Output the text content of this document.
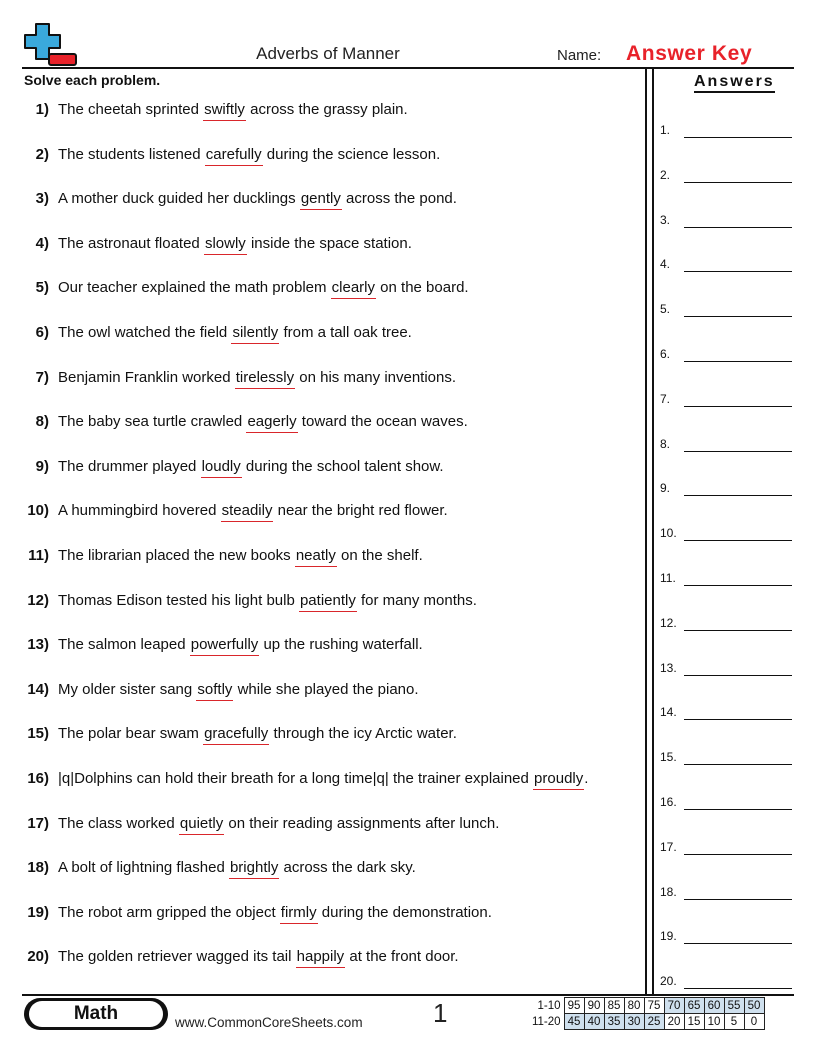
Adverbs of Manner	Name: Answer Key
Solve each problem.
1) The cheetah sprinted swiftly across the grassy plain.
2) The students listened carefully during the science lesson.
3) A mother duck guided her ducklings gently across the pond.
4) The astronaut floated slowly inside the space station.
5) Our teacher explained the math problem clearly on the board.
6) The owl watched the field silently from a tall oak tree.
7) Benjamin Franklin worked tirelessly on his many inventions.
8) The baby sea turtle crawled eagerly toward the ocean waves.
9) The drummer played loudly during the school talent show.
10) A hummingbird hovered steadily near the bright red flower.
11) The librarian placed the new books neatly on the shelf.
12) Thomas Edison tested his light bulb patiently for many months.
13) The salmon leaped powerfully up the rushing waterfall.
14) My older sister sang softly while she played the piano.
15) The polar bear swam gracefully through the icy Arctic water.
16) |q|Dolphins can hold their breath for a long time|q| the trainer explained proudly.
17) The class worked quietly on their reading assignments after lunch.
18) A bolt of lightning flashed brightly across the dark sky.
19) The robot arm gripped the object firmly during the demonstration.
20) The golden retriever wagged its tail happily at the front door.
Answers
1.
2.
3.
4.
5.
6.
7.
8.
9.
10.
11.
12.
13.
14.
15.
16.
17.
18.
19.
20.
Math	www.CommonCoreSheets.com	1	1-10	95	90	85	80	75	70	65	60	55	50
11-20	45	40	35	30	25	20	15	10	5	0
